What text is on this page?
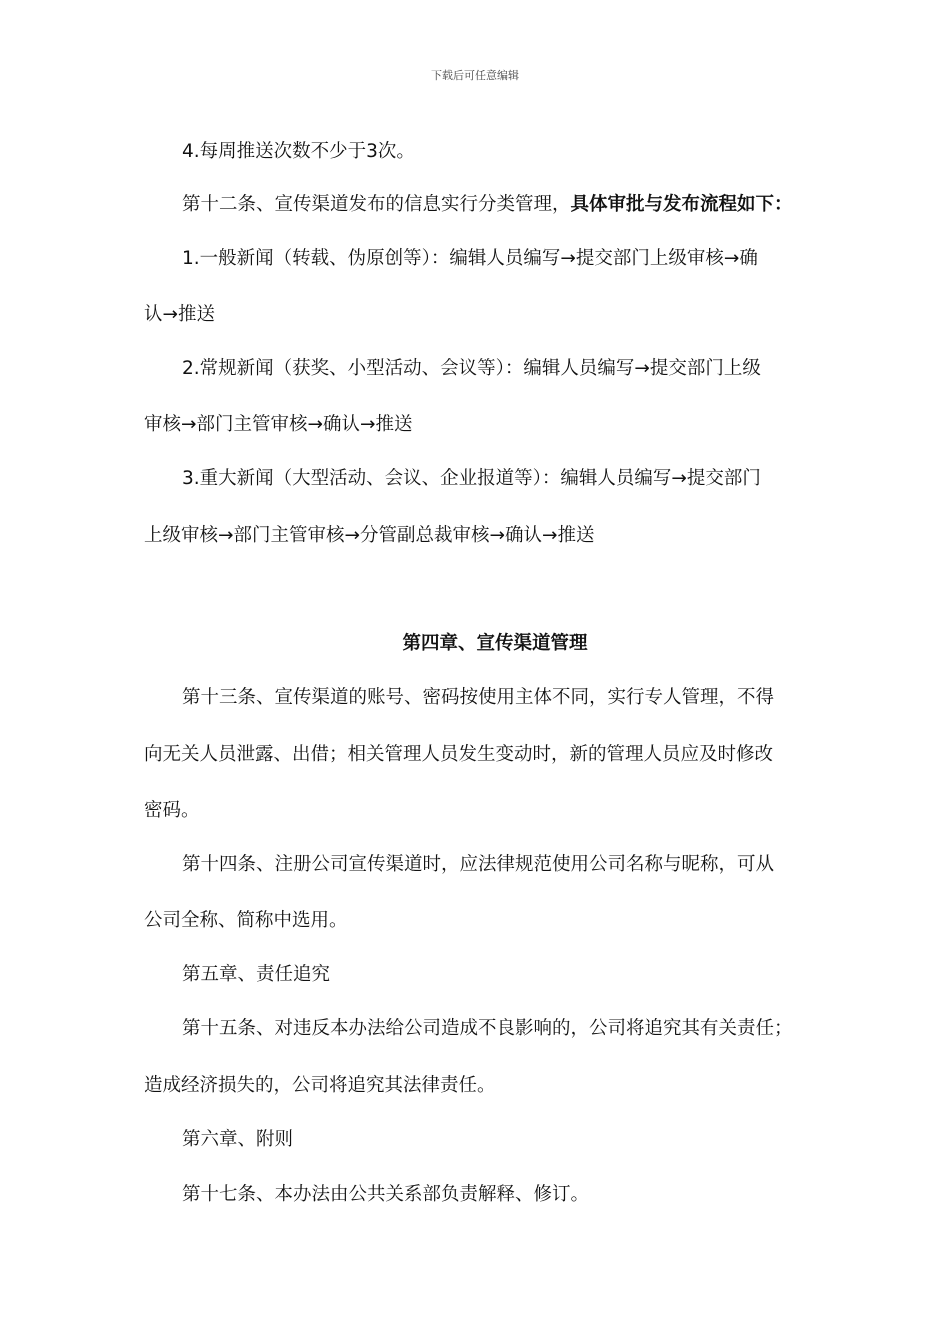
下载后可任意编辑
4.每周推送次数不少于3次。
第十二条、宣传渠道发布的信息实行分类管理，具体审批与发布流程如下：
1.一般新闻（转载、伪原创等）：编辑人员编写→提交部门上级审核→确
认→推送
2.常规新闻（获奖、小型活动、会议等）：编辑人员编写→提交部门上级
审核→部门主管审核→确认→推送
3.重大新闻（大型活动、会议、企业报道等）：编辑人员编写→提交部门
上级审核→部门主管审核→分管副总裁审核→确认→推送
第四章、宣传渠道管理
第十三条、宣传渠道的账号、密码按使用主体不同，实行专人管理，不得
向无关人员泄露、出借；相关管理人员发生变动时，新的管理人员应及时修改
密码。
第十四条、注册公司宣传渠道时，应法律规范使用公司名称与昵称，可从
公司全称、简称中选用。
第五章、责任追究
第十五条、对违反本办法给公司造成不良影响的，公司将追究其有关责任；
造成经济损失的，公司将追究其法律责任。
第六章、附则
第十七条、本办法由公共关系部负责解释、修订。
